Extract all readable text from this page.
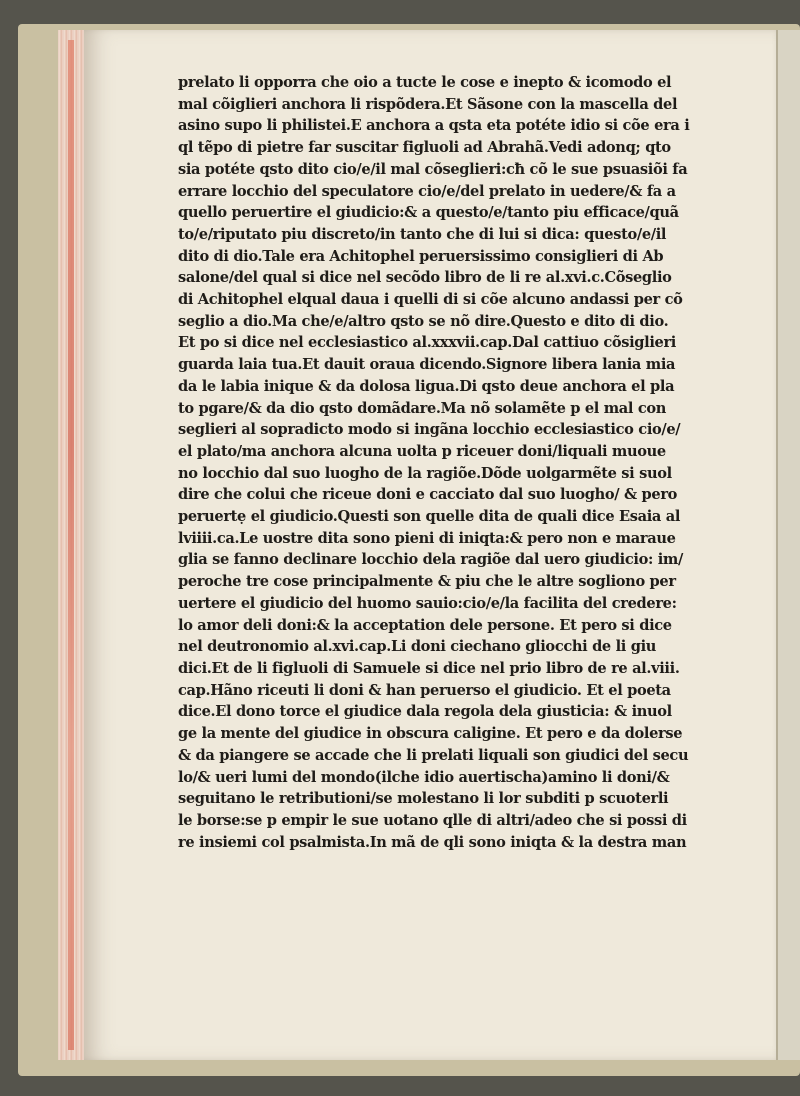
prelato li opporra che oio a tucte le cose e inepto & icomodo el
mal cõiglieri anchora li rispõdera.Et Sãsone con la mascella del
asino supo li philistei.E anchora a qsta eta potéte idio si cõe era i
ql tẽpo di pietre far suscitar figluoli ad Abrahã.Vedi adonq; qto
sia potéte qsto dito cio/e/il mal cõseglieri:cħ cõ le sue psuasiõi fa
errare locchio del speculatore cio/e/del prelato in uedere/& fa a
quello peruertire el giudicio:& a questo/e/tanto piu efficace/quã
to/e/riputato piu discreto/in tanto che di lui si dica: questo/e/il
dito di dio.Tale era Achitophel peruersissimo consiglieri di Ab
salone/del qual si dice nel secõdo libro de li re al.xvi.c.Cõseglio
di Achitophel elqual daua i quelli di si cõe alcuno andassi per cõ
seglio a dio.Ma che/e/altro qsto se nõ dire.Questo e dito di dio.
Et po si dice nel ecclesiastico al.xxxvii.cap.Dal cattiuo cõsiglieri
guarda laia tua.Et dauit oraua dicendo.Signore libera lania mia
da le labia inique & da dolosa ligua.Di qsto deue anchora el pla
to pgare/& da dio qsto domãdare.Ma nõ solamẽte p el mal con
seglieri al sopradicto modo si ingãna locchio ecclesiastico cio/e/
el plato/ma anchora alcuna uolta p riceuer doni/liquali muoue
no locchio dal suo luogho de la ragiõe.Dõde uolgarmẽte si suol
dire che colui che riceue doni e cacciato dal suo luogho/ & pero
peruertẹ el giudicio.Questi son quelle dita de quali dice Esaia al
lviiii.ca.Le uostre dita sono pieni di iniqta:& pero non e maraue
glia se fanno declinare locchio dela ragiõe dal uero giudicio: im/
peroche tre cose principalmente & piu che le altre sogliono per
uertere el giudicio del huomo sauio:cio/e/la facilita del credere:
lo amor deli doni:& la acceptation dele persone. Et pero si dice
nel deutronomio al.xvi.cap.Li doni ciechano gliocchi de li giu
dici.Et de li figluoli di Samuele si dice nel prio libro de re al.viii.
cap.Hãno riceuti li doni & han peruerso el giudicio. Et el poeta
dice.El dono torce el giudice dala regola dela giusticia: & inuol
ge la mente del giudice in obscura caligine. Et pero e da dolerse
& da piangere se accade che li prelati liquali son giudici del secu
lo/& ueri lumi del mondo(ilche idio auertischa)amino li doni/&
seguitano le retributioni/se molestano li lor subditi p scuoterli
le borse:se p empir le sue uotano qlle di altri/adeo che si possi di
re insiemi col psalmista.In mã de qli sono iniqta & la destra man
